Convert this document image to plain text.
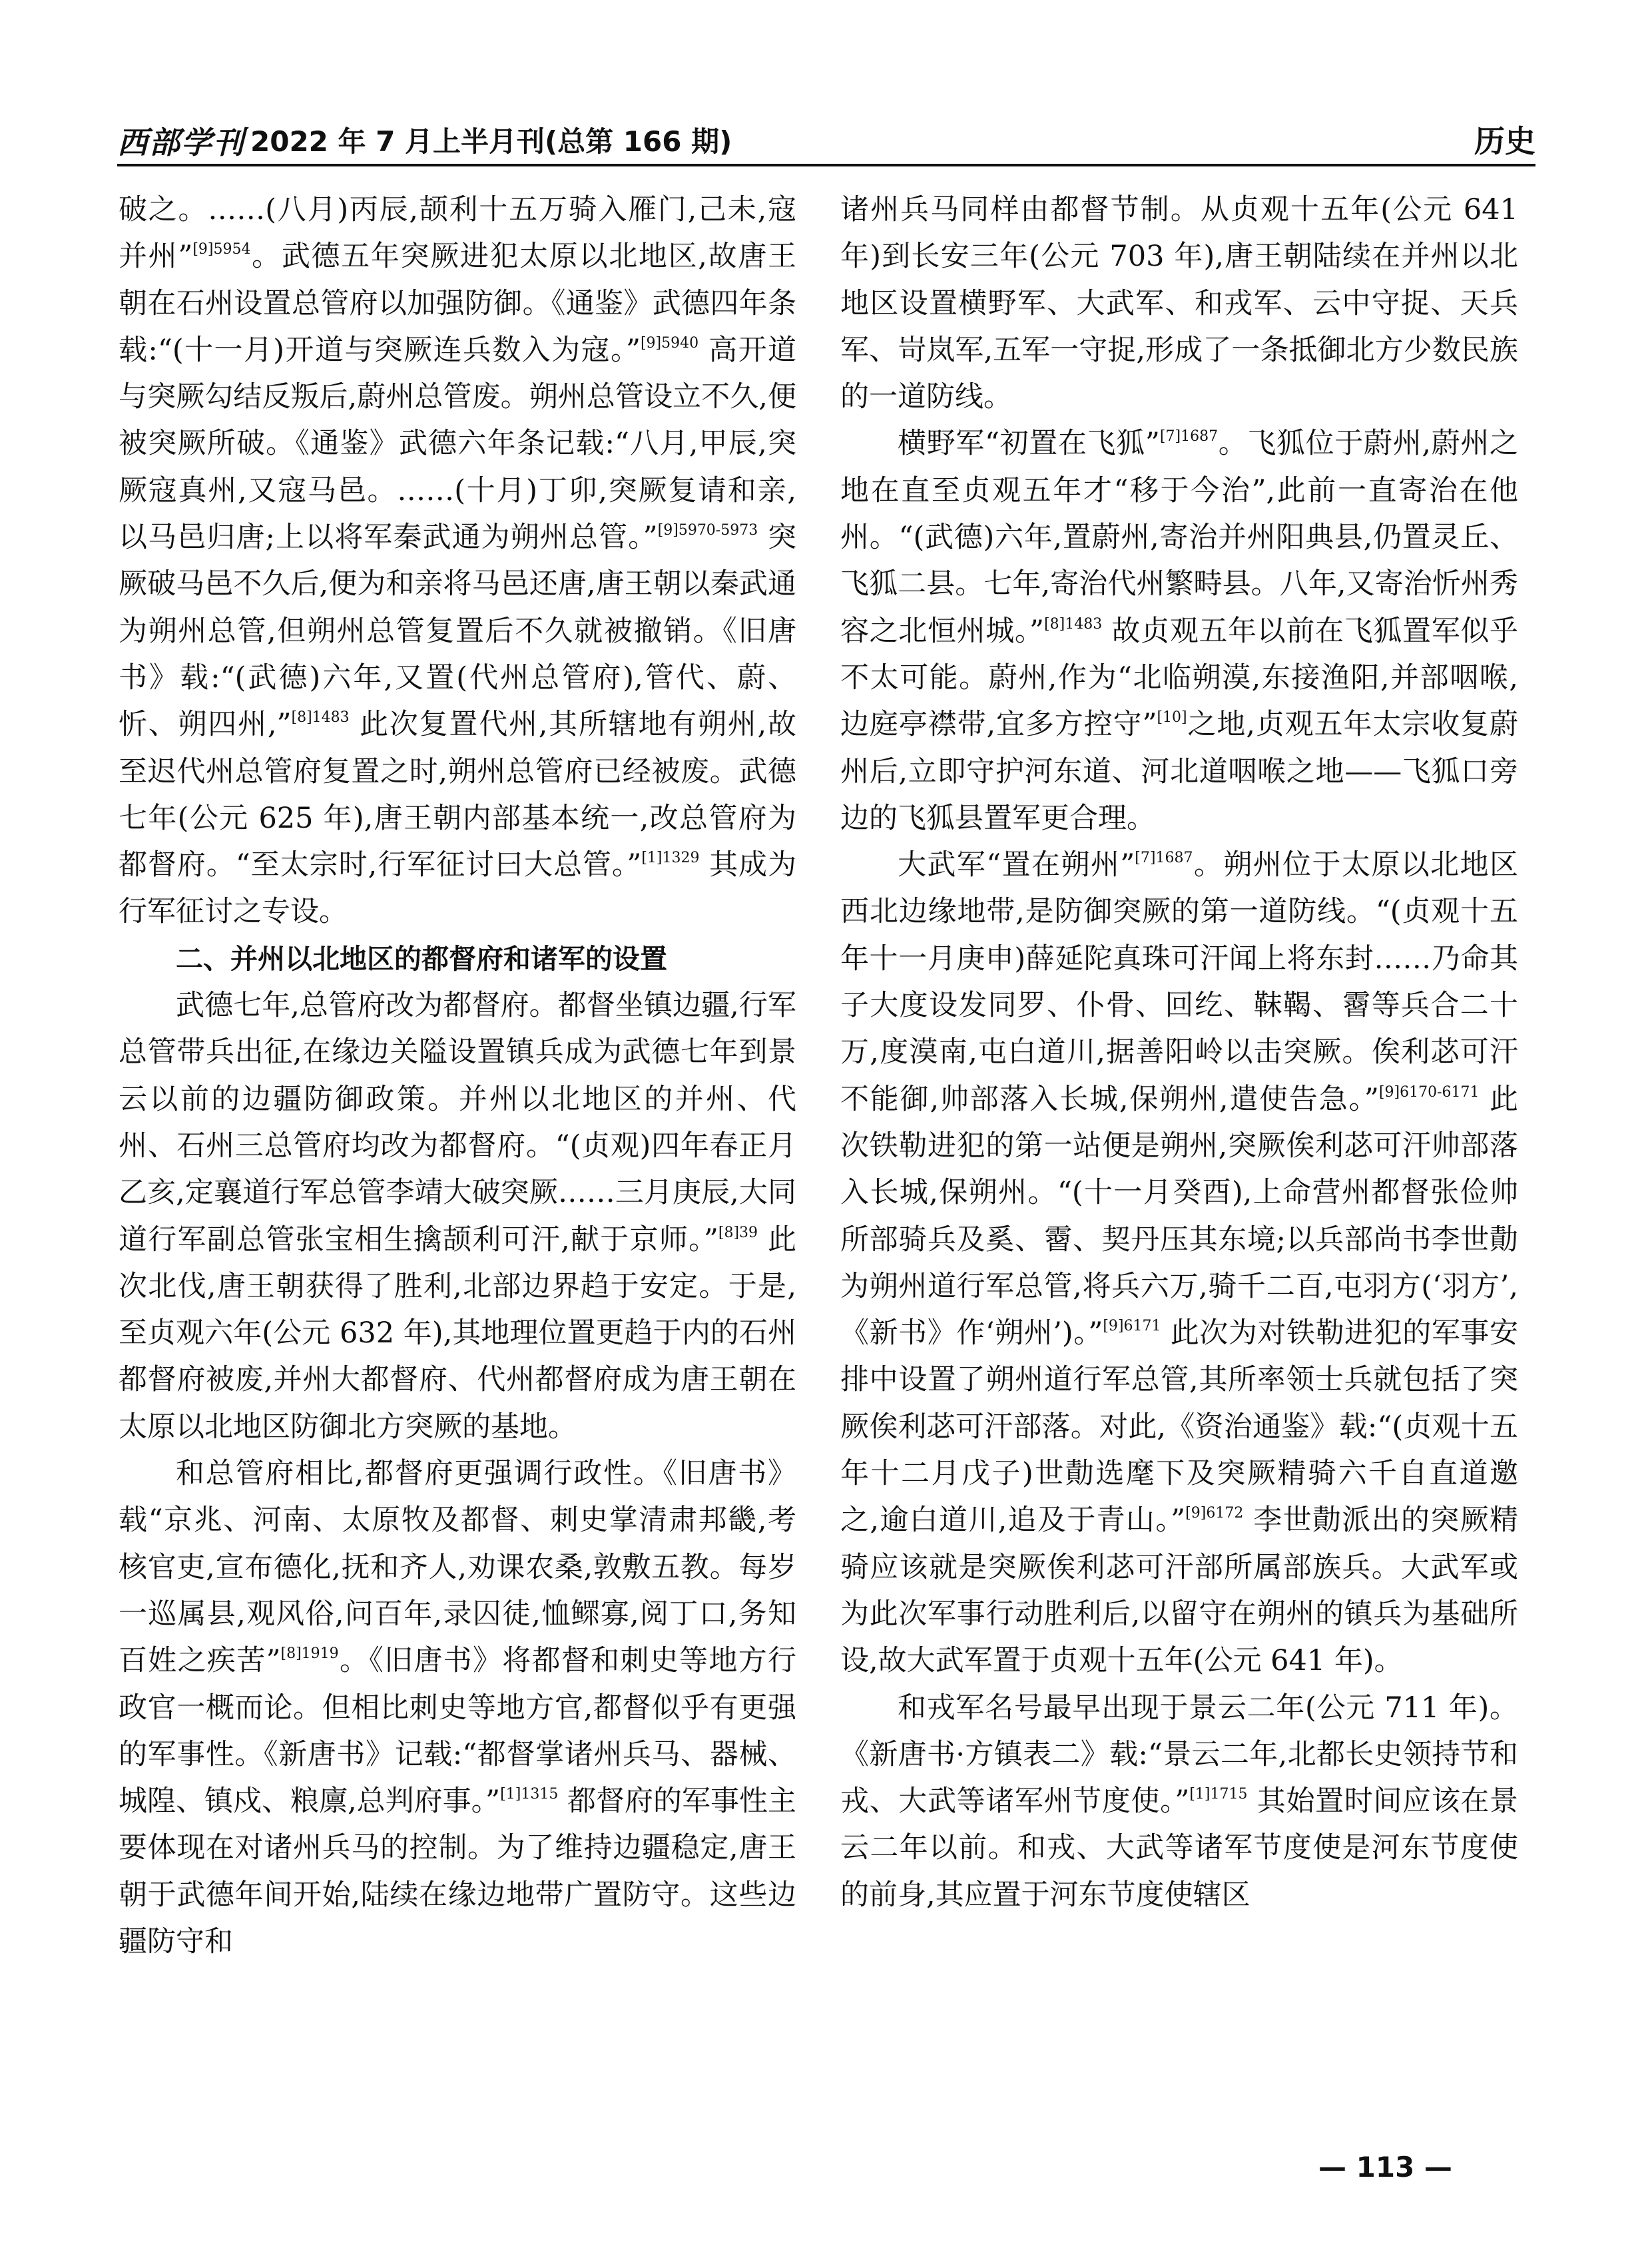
西部学刊 2022 年 7 月上半月刊(总第 166 期)	历史

破之。……(八月)丙辰,颉利十五万骑入雁门,己未,寇并州”$^{[9]5954}$。武德五年突厥进犯太原以北地区,故唐王朝在石州设置总管府以加强防御。《通鉴》武德四年条载:“(十一月)开道与突厥连兵数入为寇。”$^{[9]5940}$ 高开道与突厥勾结反叛后,蔚州总管废。朔州总管设立不久,便被突厥所破。《通鉴》武德六年条记载:“八月,甲辰,突厥寇真州,又寇马邑。……(十月)丁卯,突厥复请和亲,以马邑归唐;上以将军秦武通为朔州总管。”$^{[9]5970-5973}$ 突厥破马邑不久后,便为和亲将马邑还唐,唐王朝以秦武通为朔州总管,但朔州总管复置后不久就被撤销。《旧唐书》载:“(武德)六年,又置(代州总管府),管代、蔚、忻、朔四州,”$^{[8]1483}$ 此次复置代州,其所辖地有朔州,故至迟代州总管府复置之时,朔州总管府已经被废。武德七年(公元 625 年),唐王朝内部基本统一,改总管府为都督府。“至太宗时,行军征讨曰大总管。”$^{[1]1329}$ 其成为行军征讨之专设。

二、并州以北地区的都督府和诸军的设置

武德七年,总管府改为都督府。都督坐镇边疆,行军总管带兵出征,在缘边关隘设置镇兵成为武德七年到景云以前的边疆防御政策。并州以北地区的并州、代州、石州三总管府均改为都督府。“(贞观)四年春正月乙亥,定襄道行军总管李靖大破突厥……三月庚辰,大同道行军副总管张宝相生擒颉利可汗,献于京师。”$^{[8]39}$ 此次北伐,唐王朝获得了胜利,北部边界趋于安定。于是,至贞观六年(公元 632 年),其地理位置更趋于内的石州都督府被废,并州大都督府、代州都督府成为唐王朝在太原以北地区防御北方突厥的基地。

和总管府相比,都督府更强调行政性。《旧唐书》载“京兆、河南、太原牧及都督、刺史掌清肃邦畿,考核官吏,宣布德化,抚和齐人,劝课农桑,敦敷五教。每岁一巡属县,观风俗,问百年,录囚徒,恤鳏寡,阅丁口,务知百姓之疾苦”$^{[8]1919}$。《旧唐书》将都督和刺史等地方行政官一概而论。但相比刺史等地方官,都督似乎有更强的军事性。《新唐书》记载:“都督掌诸州兵马、器械、城隍、镇戍、粮廪,总判府事。”$^{[1]1315}$ 都督府的军事性主要体现在对诸州兵马的控制。为了维持边疆稳定,唐王朝于武德年间开始,陆续在缘边地带广置防守。这些边疆防守和

诸州兵马同样由都督节制。从贞观十五年(公元 641 年)到长安三年(公元 703 年),唐王朝陆续在并州以北地区设置横野军、大武军、和戎军、云中守捉、天兵军、岢岚军,五军一守捉,形成了一条抵御北方少数民族的一道防线。

横野军“初置在飞狐”$^{[7]1687}$。飞狐位于蔚州,蔚州之地在直至贞观五年才“移于今治”,此前一直寄治在他州。“(武德)六年,置蔚州,寄治并州阳典县,仍置灵丘、飞狐二县。七年,寄治代州繁畤县。八年,又寄治忻州秀容之北恒州城。”$^{[8]1483}$ 故贞观五年以前在飞狐置军似乎不太可能。蔚州,作为“北临朔漠,东接渔阳,并部咽喉,边庭亭襟带,宜多方控守”[10]之地,贞观五年太宗收复蔚州后,立即守护河东道、河北道咽喉之地——飞狐口旁边的飞狐县置军更合理。

大武军“置在朔州”$^{[7]1687}$。朔州位于太原以北地区西北边缘地带,是防御突厥的第一道防线。“(贞观十五年十一月庚申)薛延陀真珠可汗闻上将东封……乃命其子大度设发同罗、仆骨、回纥、靺鞨、霫等兵合二十万,度漠南,屯白道川,据善阳岭以击突厥。俟利苾可汗不能御,帅部落入长城,保朔州,遣使告急。”$^{[9]6170-6171}$ 此次铁勒进犯的第一站便是朔州,突厥俟利苾可汗帅部落入长城,保朔州。“(十一月癸酉),上命营州都督张俭帅所部骑兵及奚、霫、契丹压其东境;以兵部尚书李世勣为朔州道行军总管,将兵六万,骑千二百,屯羽方(‘羽方’,《新书》作‘朔州’)。”$^{[9]6171}$ 此次为对铁勒进犯的军事安排中设置了朔州道行军总管,其所率领士兵就包括了突厥俟利苾可汗部落。对此,《资治通鉴》载:“(贞观十五年十二月戊子)世勣选麾下及突厥精骑六千自直道邀之,逾白道川,追及于青山。”$^{[9]6172}$ 李世勣派出的突厥精骑应该就是突厥俟利苾可汗部所属部族兵。大武军或为此次军事行动胜利后,以留守在朔州的镇兵为基础所设,故大武军置于贞观十五年(公元 641 年)。

和戎军名号最早出现于景云二年(公元 711 年)。《新唐书·方镇表二》载:“景云二年,北都长史领持节和戎、大武等诸军州节度使。”$^{[1]1715}$ 其始置时间应该在景云二年以前。和戎、大武等诸军节度使是河东节度使的前身,其应置于河东节度使辖区

— 113 —
